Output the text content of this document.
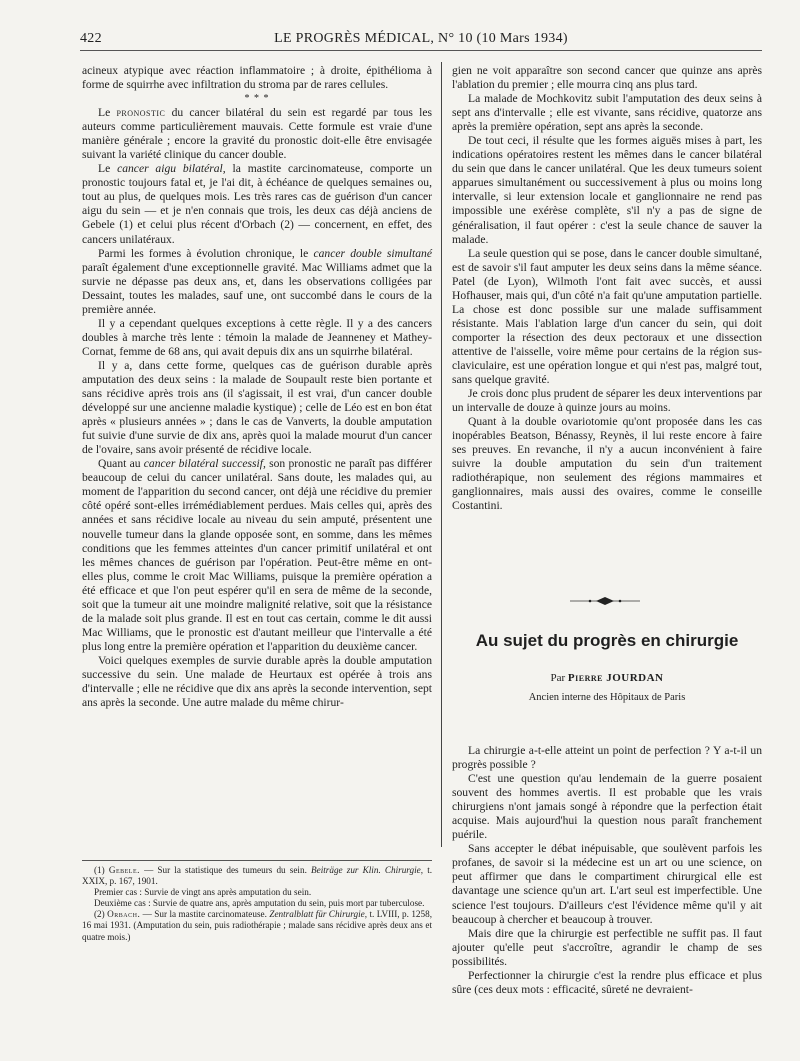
422	LE PROGRÈS MÉDICAL, N° 10 (10 Mars 1934)

acineux atypique avec réaction inflammatoire ; à droite, épithélioma à forme de squirrhe avec infiltration du stroma par de rares cellules.

* * *

Le pronostic du cancer bilatéral du sein est regardé par tous les auteurs comme particulièrement mauvais. Cette formule est vraie d'une manière générale ; encore la gravité du pronostic doit-elle être envisagée suivant la variété clinique du cancer double.

Le cancer aigu bilatéral, la mastite carcinomateuse, comporte un pronostic toujours fatal et, je l'ai dit, à échéance de quelques semaines ou, tout au plus, de quelques mois. Les très rares cas de guérison d'un cancer aigu du sein — et je n'en connais que trois, les deux cas déjà anciens de Gebele (1) et celui plus récent d'Orbach (2) — concernent, en effet, des cancers unilatéraux.

Parmi les formes à évolution chronique, le cancer double simultané paraît également d'une exceptionnelle gravité. Mac Williams admet que la survie ne dépasse pas deux ans, et, dans les observations colligées par Dessaint, toutes les malades, sauf une, ont succombé dans le cours de la première année.

Il y a cependant quelques exceptions à cette règle. Il y a des cancers doubles à marche très lente : témoin la malade de Jeanneney et Mathey-Cornat, femme de 68 ans, qui avait depuis dix ans un squirrhe bilatéral.

Il y a, dans cette forme, quelques cas de guérison durable après amputation des deux seins : la malade de Soupault reste bien portante et sans récidive après trois ans (il s'agissait, il est vrai, d'un cancer double développé sur une ancienne maladie kystique) ; celle de Léo est en bon état après « plusieurs années » ; dans le cas de Vanverts, la double amputation fut suivie d'une survie de dix ans, après quoi la malade mourut d'un cancer de l'ovaire, sans avoir présenté de récidive locale.

Quant au cancer bilatéral successif, son pronostic ne paraît pas différer beaucoup de celui du cancer unilatéral. Sans doute, les malades qui, au moment de l'apparition du second cancer, ont déjà une récidive du premier côté opéré sont-elles irrémédiablement perdues. Mais celles qui, après des années et sans récidive locale au niveau du sein amputé, présentent une nouvelle tumeur dans la glande opposée sont, en somme, dans les mêmes conditions que les femmes atteintes d'un cancer primitif unilatéral et ont les mêmes chances de guérison par l'opération. Peut-être même en ont-elles plus, comme le croit Mac Williams, puisque la première opération a été efficace et que l'on peut espérer qu'il en sera de même de la seconde, soit que la tumeur ait une moindre malignité relative, soit que la résistance de la malade soit plus grande. Il est en tout cas certain, comme le dit aussi Mac Williams, que le pronostic est d'autant meilleur que l'intervalle a été plus long entre la première opération et l'apparition du deuxième cancer.

Voici quelques exemples de survie durable après la double amputation successive du sein. Une malade de Heurtaux est opérée à trois ans d'intervalle ; elle ne récidive que dix ans après la seconde intervention, sept ans après la seconde. Une autre malade du même chirur-

(1) Gebele. — Sur la statistique des tumeurs du sein. Beiträge zur Klin. Chirurgie, t. XXIX, p. 167, 1901.

Premier cas : Survie de vingt ans après amputation du sein.

Deuxième cas : Survie de quatre ans, après amputation du sein, puis mort par tuberculose.

(2) Orbach. — Sur la mastite carcinomateuse. Zentralblatt für Chirurgie, t. LVIII, p. 1258, 16 mai 1931. (Amputation du sein, puis radiothérapie ; malade sans récidive après deux ans et quatre mois.)

gien ne voit apparaître son second cancer que quinze ans après l'ablation du premier ; elle mourra cinq ans plus tard.

La malade de Mochkovitz subit l'amputation des deux seins à sept ans d'intervalle ; elle est vivante, sans récidive, quatorze ans après la première opération, sept ans après la seconde.

De tout ceci, il résulte que les formes aiguës mises à part, les indications opératoires restent les mêmes dans le cancer bilatéral du sein que dans le cancer unilatéral. Que les deux tumeurs soient apparues simultanément ou successivement à plus ou moins long intervalle, si leur extension locale et ganglionnaire ne rend pas impossible une exérèse complète, s'il n'y a pas de signe de généralisation, il faut opérer : c'est la seule chance de sauver la malade.

La seule question qui se pose, dans le cancer double simultané, est de savoir s'il faut amputer les deux seins dans la même séance. Patel (de Lyon), Wilmoth l'ont fait avec succès, et aussi Hofhauser, mais qui, d'un côté n'a fait qu'une amputation partielle. La chose est donc possible sur une malade suffisamment résistante. Mais l'ablation large d'un cancer du sein, qui doit comporter la résection des deux pectoraux et une dissection attentive de l'aisselle, voire même pour certains de la région sus-claviculaire, est une opération longue et qui n'est pas, malgré tout, sans quelque gravité.

Je crois donc plus prudent de séparer les deux interventions par un intervalle de douze à quinze jours au moins.

Quant à la double ovariotomie qu'ont proposée dans les cas inopérables Beatson, Bénassy, Reynès, il lui reste encore à faire ses preuves. En revanche, il n'y a aucun inconvénient à faire suivre la double amputation du sein d'un traitement radiothérapique, non seulement des régions mammaires et ganglionnaires, mais aussi des ovaires, comme le conseille Costantini.

Au sujet du progrès en chirurgie
Par Pierre JOURDAN
Ancien interne des Hôpitaux de Paris

La chirurgie a-t-elle atteint un point de perfection ? Y a-t-il un progrès possible ?

C'est une question qu'au lendemain de la guerre posaient souvent des hommes avertis. Il est probable que les vrais chirurgiens n'ont jamais songé à répondre que la perfection était acquise. Mais aujourd'hui la question nous paraît franchement puérile.

Sans accepter le débat inépuisable, que soulèvent parfois les profanes, de savoir si la médecine est un art ou une science, on peut affirmer que dans le compartiment chirurgical elle est davantage une science qu'un art. L'art seul est imperfectible. Une science l'est toujours. D'ailleurs c'est l'évidence même qu'il y ait beaucoup à chercher et beaucoup à trouver.

Mais dire que la chirurgie est perfectible ne suffit pas. Il faut ajouter qu'elle peut s'accroître, agrandir le champ de ses possibilités.

Perfectionner la chirurgie c'est la rendre plus efficace et plus sûre (ces deux mots : efficacité, sûreté ne devraient-
